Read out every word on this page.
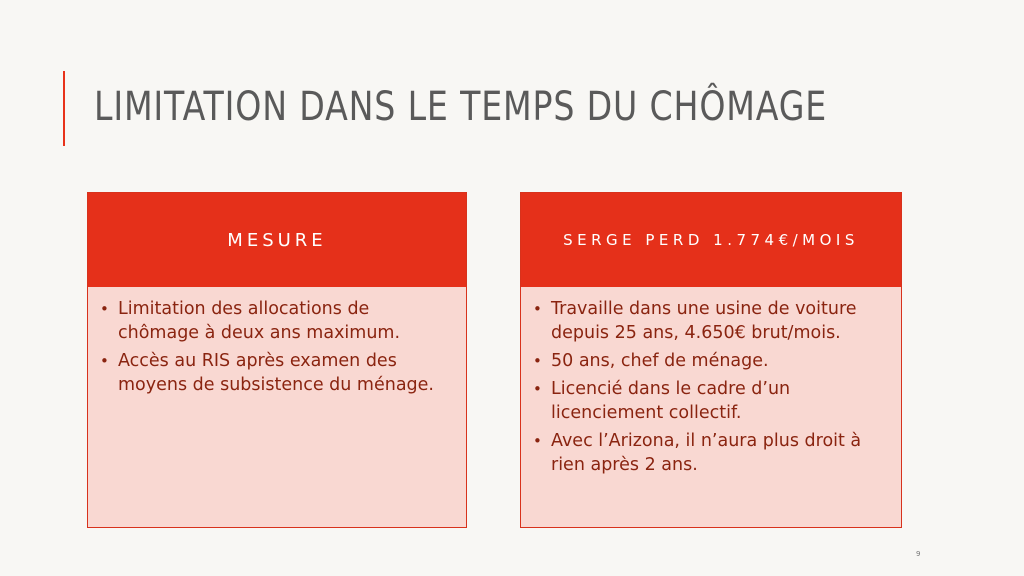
LIMITATION DANS LE TEMPS DU CHÔMAGE
MESURE
• Limitation des allocations de chômage à deux ans maximum.
• Accès au RIS après examen des moyens de subsistence du ménage.
SERGE PERD 1.774€/MOIS
• Travaille dans une usine de voiture depuis 25 ans, 4.650€ brut/mois.
• 50 ans, chef de ménage.
• Licencié dans le cadre d’un licenciement collectif.
• Avec l’Arizona, il n’aura plus droit à rien après 2 ans.
9
